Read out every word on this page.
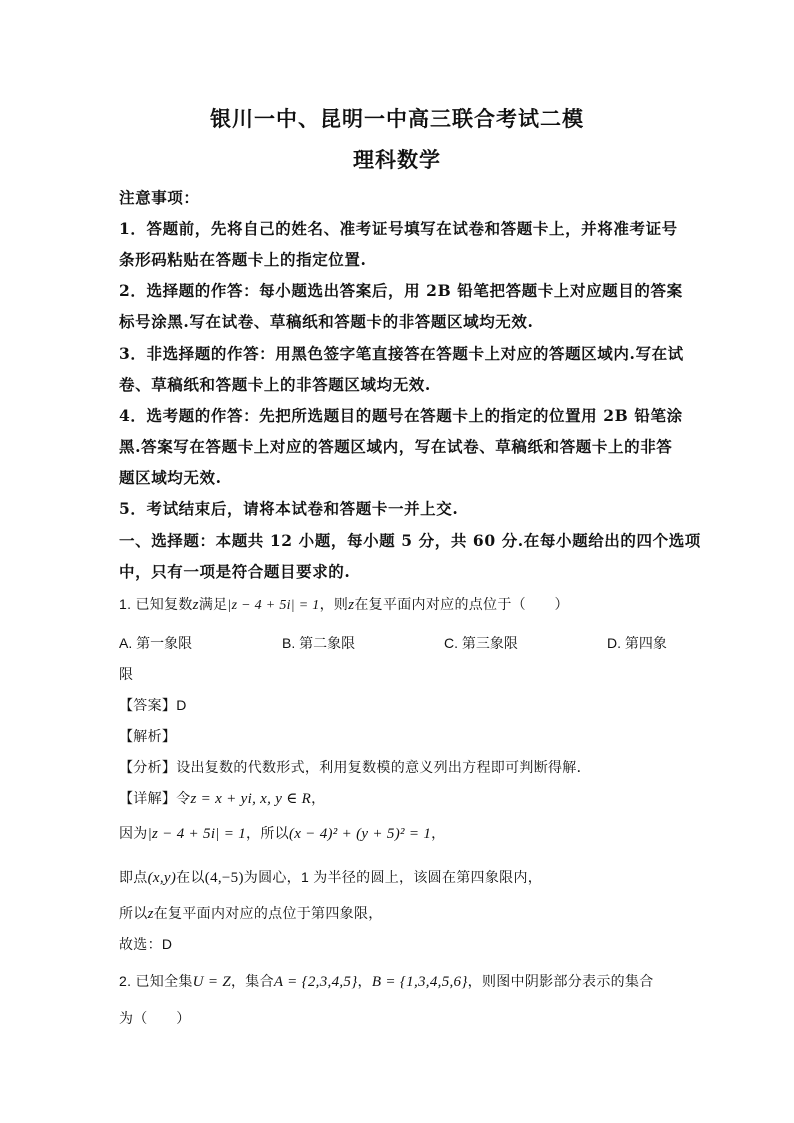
银川一中、昆明一中高三联合考试二模
理科数学
注意事项：
1．答题前，先将自己的姓名、准考证号填写在试卷和答题卡上，并将准考证号
条形码粘贴在答题卡上的指定位置.
2．选择题的作答：每小题选出答案后，用 2B 铅笔把答题卡上对应题目的答案
标号涂黑.写在试卷、草稿纸和答题卡的非答题区域均无效.
3．非选择题的作答：用黑色签字笔直接答在答题卡上对应的答题区域内.写在试
卷、草稿纸和答题卡上的非答题区域均无效.
4．选考题的作答：先把所选题目的题号在答题卡上的指定的位置用 2B 铅笔涂
黑.答案写在答题卡上对应的答题区域内，写在试卷、草稿纸和答题卡上的非答
题区域均无效.
5．考试结束后，请将本试卷和答题卡一并上交.
一、选择题：本题共 12 小题，每小题 5 分，共 60 分.在每小题给出的四个选项
中，只有一项是符合题目要求的.
1. 已知复数z满足|z − 4 + 5i| = 1，则z在复平面内对应的点位于（　　）
A. 第一象限	B. 第二象限	C. 第三象限	D. 第四象
限
【答案】D
【解析】
【分析】设出复数的代数形式，利用复数模的意义列出方程即可判断得解．
【详解】令z = x + yi, x, y ∈ R，
因为|z − 4 + 5i| = 1，所以(x − 4)² + (y + 5)² = 1，
即点(x,y)在以(4,−5)为圆心，1 为半径的圆上，该圆在第四象限内，
所以z在复平面内对应的点位于第四象限，
故选：D
2. 已知全集U = Z，集合A = {2,3,4,5}，B = {1,3,4,5,6}，则图中阴影部分表示的集合
为（　　）
